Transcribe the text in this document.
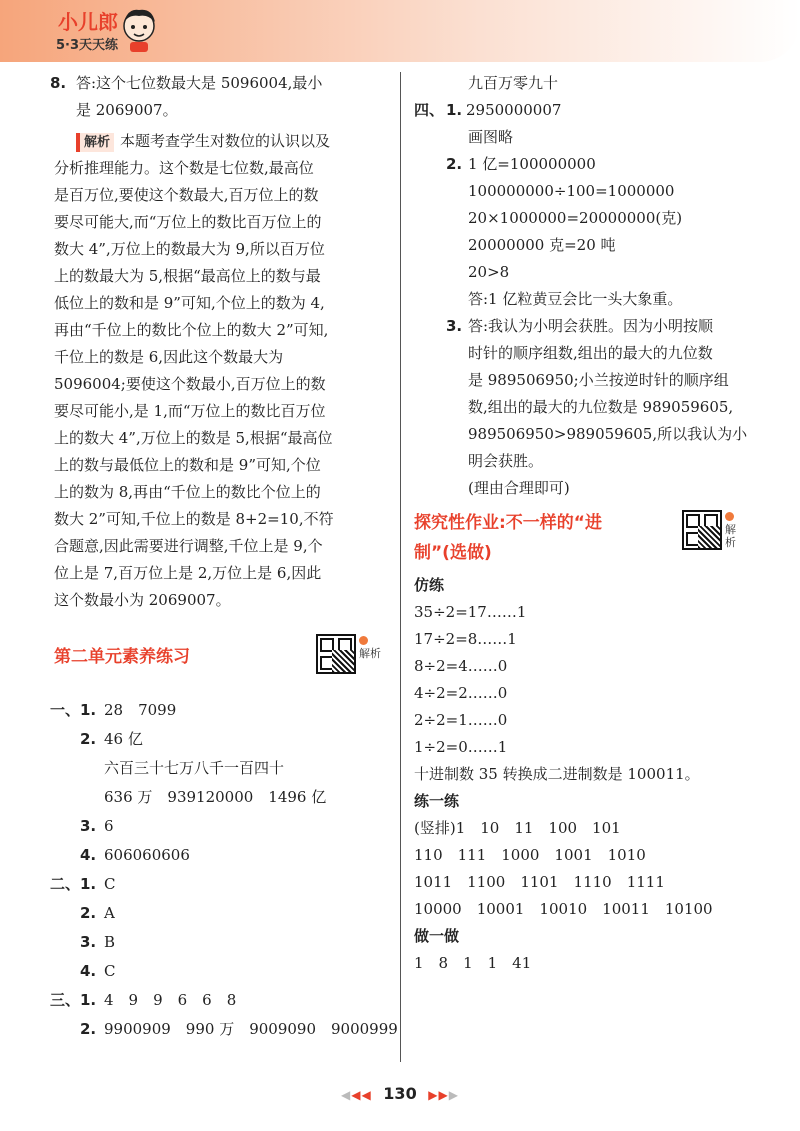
小儿郎
5·3天天练
8. 答:这个七位数最大是 5096004,最小
是 2069007。
解析 本题考查学生对数位的认识以及
分析推理能力。这个数是七位数,最高位
是百万位,要使这个数最大,百万位上的数
要尽可能大,而“万位上的数比百万位上的
数大 4”,万位上的数最大为 9,所以百万位
上的数最大为 5,根据“最高位上的数与最
低位上的数和是 9”可知,个位上的数为 4,
再由“千位上的数比个位上的数大 2”可知,
千位上的数是 6,因此这个数最大为
5096004;要使这个数最小,百万位上的数
要尽可能小,是 1,而“万位上的数比百万位
上的数大 4”,万位上的数是 5,根据“最高位
上的数与最低位上的数和是 9”可知,个位
上的数为 8,再由“千位上的数比个位上的
数大 2”可知,千位上的数是 8+2=10,不符
合题意,因此需要进行调整,千位上是 9,个
位上是 7,百万位上是 2,万位上是 6,因此
这个数最小为 2069007。
第二单元素养练习	解析
一、1. 28　7099
2. 46 亿
六百三十七万八千一百四十
636 万　939120000　1496 亿
3. 6
4. 606060606
二、1. C
2. A
3. B
4. C
三、1. 4　9　9　6　6　8
2. 9900909　990 万　9009090　9000999
九百万零九十
四、 1. 2950000007
画图略
2. 1 亿=100000000
100000000÷100=1000000
20×1000000=20000000(克)
20000000 克=20 吨
20>8
答:1 亿粒黄豆会比一头大象重。
3. 答:我认为小明会获胜。因为小明按顺
时针的顺序组数,组出的最大的九位数
是 989506950;小兰按逆时针的顺序组
数,组出的最大的九位数是 989059605,
989506950>989059605,所以我认为小
明会获胜。
(理由合理即可)
探究性作业:不一样的“进
制”(选做)
解析
仿练
35÷2=17……1
17÷2=8……1
8÷2=4……0
4÷2=2……0
2÷2=1……0
1÷2=0……1
十进制数 35 转换成二进制数是 100011。
练一练
(竖排)1　10　11　100　101
110　111　1000　1001　1010
1011　1100　1101　1110　1111
10000　10001　10010　10011　10100
做一做
1　8　1　1　41
◀◀◀ 130 ▶▶▶
